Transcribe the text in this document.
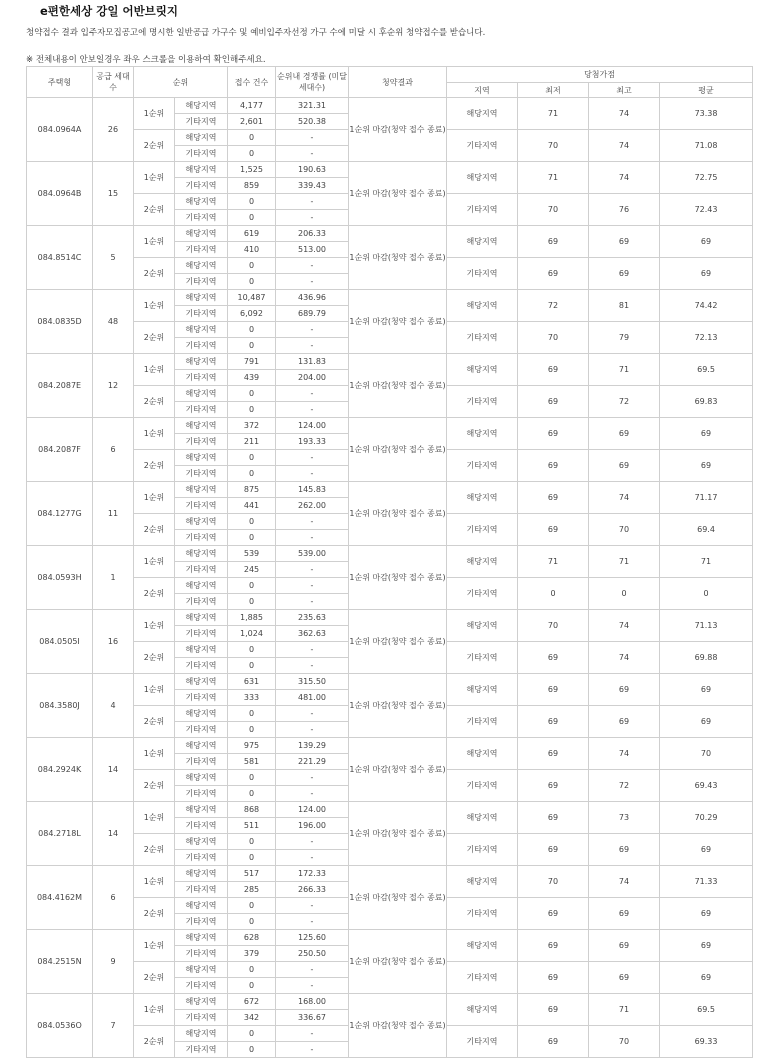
e편한세상 강일 어반브릿지
청약접수 결과 입주자모집공고에 명시한 일반공급 가구수 및 예비입주자선정 가구 수에 미달 시 후순위 청약접수를 받습니다.
※ 전체내용이 안보일경우 좌우 스크롤을 이용하여 확인해주세요.
주택형	공급 세대수	순위		접수 건수	순위내 경쟁률 (미달 세대수)	청약결과	당첨가점			
							지역	최저	최고	평균
084.0964A	26	1순위	해당지역	4,177	321.31	1순위 마감(청약 접수 종료)	해당지역	71	74	73.38
			기타지역	2,601	520.38					
		2순위	해당지역	0	-		기타지역	70	74	71.08
			기타지역	0	-					
084.0964B	15	1순위	해당지역	1,525	190.63	1순위 마감(청약 접수 종료)	해당지역	71	74	72.75
			기타지역	859	339.43					
		2순위	해당지역	0	-		기타지역	70	76	72.43
			기타지역	0	-					
084.8514C	5	1순위	해당지역	619	206.33	1순위 마감(청약 접수 종료)	해당지역	69	69	69
			기타지역	410	513.00					
		2순위	해당지역	0	-		기타지역	69	69	69
			기타지역	0	-					
084.0835D	48	1순위	해당지역	10,487	436.96	1순위 마감(청약 접수 종료)	해당지역	72	81	74.42
			기타지역	6,092	689.79					
		2순위	해당지역	0	-		기타지역	70	79	72.13
			기타지역	0	-					
084.2087E	12	1순위	해당지역	791	131.83	1순위 마감(청약 접수 종료)	해당지역	69	71	69.5
			기타지역	439	204.00					
		2순위	해당지역	0	-		기타지역	69	72	69.83
			기타지역	0	-					
084.2087F	6	1순위	해당지역	372	124.00	1순위 마감(청약 접수 종료)	해당지역	69	69	69
			기타지역	211	193.33					
		2순위	해당지역	0	-		기타지역	69	69	69
			기타지역	0	-					
084.1277G	11	1순위	해당지역	875	145.83	1순위 마감(청약 접수 종료)	해당지역	69	74	71.17
			기타지역	441	262.00					
		2순위	해당지역	0	-		기타지역	69	70	69.4
			기타지역	0	-					
084.0593H	1	1순위	해당지역	539	539.00	1순위 마감(청약 접수 종료)	해당지역	71	71	71
			기타지역	245	-					
		2순위	해당지역	0	-		기타지역	0	0	0
			기타지역	0	-					
084.0505I	16	1순위	해당지역	1,885	235.63	1순위 마감(청약 접수 종료)	해당지역	70	74	71.13
			기타지역	1,024	362.63					
		2순위	해당지역	0	-		기타지역	69	74	69.88
			기타지역	0	-					
084.3580J	4	1순위	해당지역	631	315.50	1순위 마감(청약 접수 종료)	해당지역	69	69	69
			기타지역	333	481.00					
		2순위	해당지역	0	-		기타지역	69	69	69
			기타지역	0	-					
084.2924K	14	1순위	해당지역	975	139.29	1순위 마감(청약 접수 종료)	해당지역	69	74	70
			기타지역	581	221.29					
		2순위	해당지역	0	-		기타지역	69	72	69.43
			기타지역	0	-					
084.2718L	14	1순위	해당지역	868	124.00	1순위 마감(청약 접수 종료)	해당지역	69	73	70.29
			기타지역	511	196.00					
		2순위	해당지역	0	-		기타지역	69	69	69
			기타지역	0	-					
084.4162M	6	1순위	해당지역	517	172.33	1순위 마감(청약 접수 종료)	해당지역	70	74	71.33
			기타지역	285	266.33					
		2순위	해당지역	0	-		기타지역	69	69	69
			기타지역	0	-					
084.2515N	9	1순위	해당지역	628	125.60	1순위 마감(청약 접수 종료)	해당지역	69	69	69
			기타지역	379	250.50					
		2순위	해당지역	0	-		기타지역	69	69	69
			기타지역	0	-					
084.0536O	7	1순위	해당지역	672	168.00	1순위 마감(청약 접수 종료)	해당지역	69	71	69.5
			기타지역	342	336.67					
		2순위	해당지역	0	-		기타지역	69	70	69.33
			기타지역	0	-					
